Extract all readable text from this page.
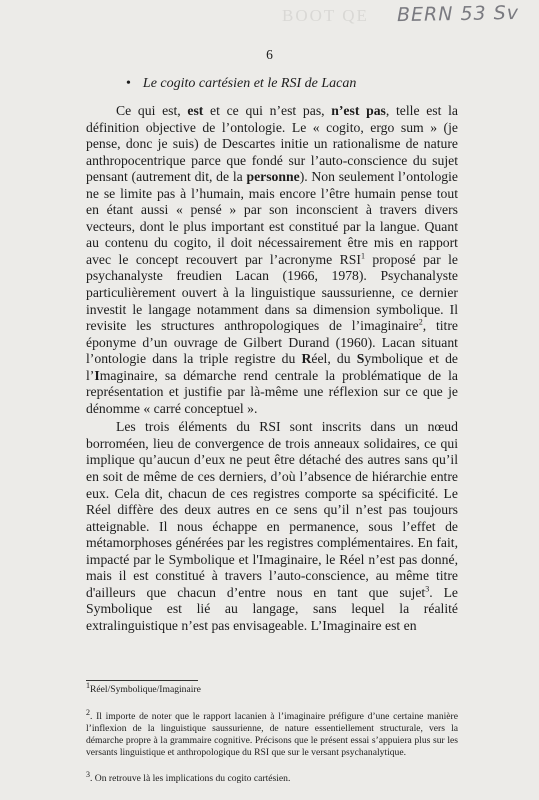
BOOT QE BERN 53 Sv
6
• Le cogito cartésien et le RSI de Lacan

Ce qui est, est et ce qui n’est pas, n’est pas, telle est la définition objective de l’ontologie. Le « cogito, ergo sum » (je pense, donc je suis) de Descartes initie un rationalisme de nature anthropocentrique parce que fondé sur l’auto-conscience du sujet pensant (autrement dit, de la personne). Non seulement l’ontologie ne se limite pas à l’humain, mais encore l’être humain pense tout en étant aussi « pensé » par son inconscient à travers divers vecteurs, dont le plus important est constitué par la langue. Quant au contenu du cogito, il doit nécessairement être mis en rapport avec le concept recouvert par l’acronyme RSI$^1$ proposé par le psychanalyste freudien Lacan (1966, 1978). Psychanalyste particulièrement ouvert à la linguistique saussurienne, ce dernier investit le langage notamment dans sa dimension symbolique. Il revisite les structures anthropologiques de l’imaginaire$^2$, titre éponyme d’un ouvrage de Gilbert Durand (1960). Lacan situant l’ontologie dans la triple registre du Réel, du Symbolique et de l’Imaginaire, sa démarche rend centrale la problématique de la représentation et justifie par là-même une réflexion sur ce que je dénomme « carré conceptuel ».

Les trois éléments du RSI sont inscrits dans un nœud borroméen, lieu de convergence de trois anneaux solidaires, ce qui implique qu’aucun d’eux ne peut être détaché des autres sans qu’il en soit de même de ces derniers, d’où l’absence de hiérarchie entre eux. Cela dit, chacun de ces registres comporte sa spécificité. Le Réel diffère des deux autres en ce sens qu’il n’est pas toujours atteignable. Il nous échappe en permanence, sous l’effet de métamorphoses générées par les registres complémentaires. En fait, impacté par le Symbolique et l'Imaginaire, le Réel n’est pas donné, mais il est constitué à travers l’auto-conscience, au même titre d'ailleurs que chacun d’entre nous en tant que sujet$^3$. Le Symbolique est lié au langage, sans lequel la réalité extralinguistique n’est pas envisageable. L’Imaginaire est en

$^1$Réel/Symbolique/Imaginaire
$^2$. Il importe de noter que le rapport lacanien à l’imaginaire préfigure d’une certaine manière l’inflexion de la linguistique saussurienne, de nature essentiellement structurale, vers la démarche propre à la grammaire cognitive. Précisons que le présent essai s’appuiera plus sur les versants linguistique et anthropologique du RSI que sur le versant psychanalytique.
$^3$. On retrouve là les implications du cogito cartésien.
